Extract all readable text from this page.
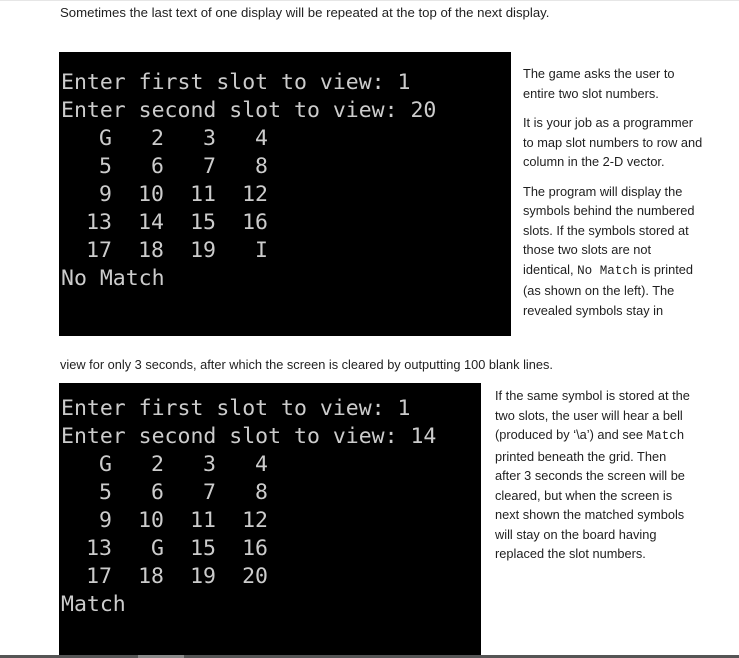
Sometimes the last text of one display will be repeated at the top of the next display.
Enter first slot to view: 1
Enter second slot to view: 20
No Match
G	2	3	4
5	6	7	8
9	10	11	12
13	14	15	16
17	18	19	I

The game asks the user to entire two slot numbers.

It is your job as a programmer to map slot numbers to row and column in the 2-D vector.

The program will display the symbols behind the numbered slots. If the symbols stored at those two slots are not identical, No Match is printed (as shown on the left). The revealed symbols stay in

view for only 3 seconds, after which the screen is cleared by outputting 100 blank lines.
Enter first slot to view: 1
Enter second slot to view: 14
Match
G	2	3	4
5	6	7	8
9	10	11	12
13	G	15	16
17	18	19	20

If the same symbol is stored at the two slots, the user will hear a bell (produced by ‘\a’) and see Match printed beneath the grid. Then after 3 seconds the screen will be cleared, but when the screen is next shown the matched symbols will stay on the board having replaced the slot numbers.
